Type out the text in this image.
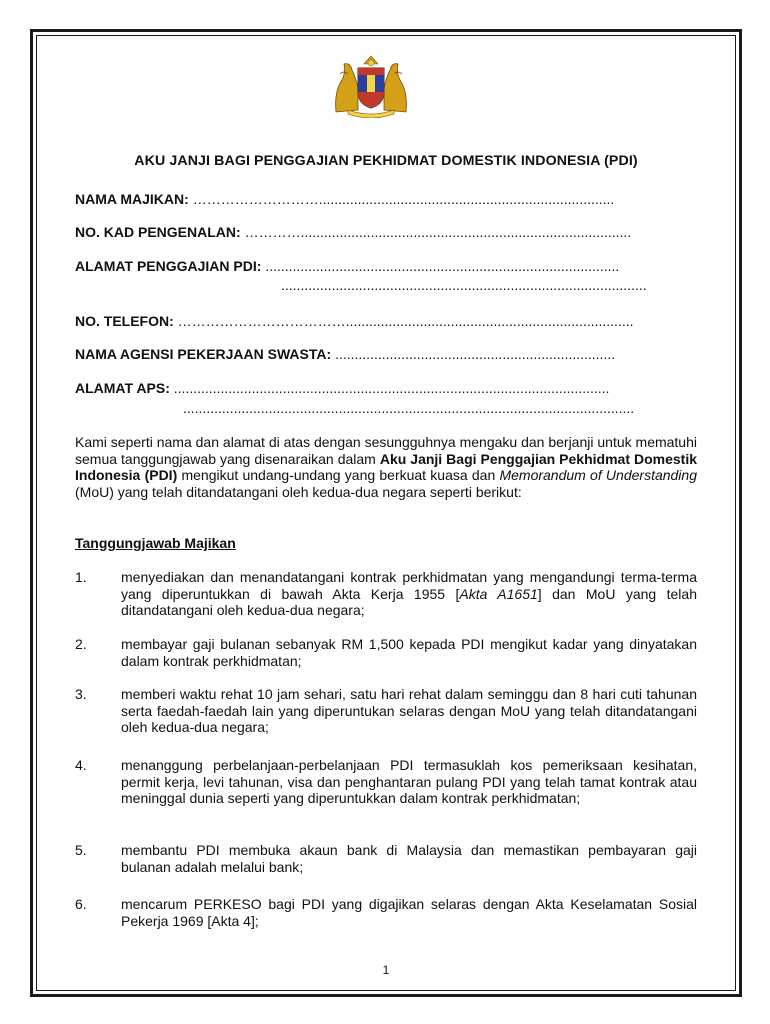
AKU JANJI BAGI PENGGAJIAN PEKHIDMAT DOMESTIK INDONESIA (PDI)
NAMA MAJIKAN: ………………………............................................................................
NO. KAD PENGENALAN: ………….....................................................................................
ALAMAT PENGGAJIAN PDI: ...........................................................................................
..............................................................................................
NO. TELEFON: ………………………………..........................................................................
NAMA AGENSI PEKERJAAN SWASTA: ........................................................................
ALAMAT APS: ................................................................................................................
....................................................................................................................
Kami seperti nama dan alamat di atas dengan sesungguhnya mengaku dan berjanji untuk mematuhi semua tanggungjawab yang disenaraikan dalam Aku Janji Bagi Penggajian Pekhidmat Domestik Indonesia (PDI) mengikut undang-undang yang berkuat kuasa dan Memorandum of Understanding (MoU) yang telah ditandatangani oleh kedua-dua negara seperti berikut:
Tanggungjawab Majikan
1. menyediakan dan menandatangani kontrak perkhidmatan yang mengandungi terma-terma yang diperuntukkan di bawah Akta Kerja 1955 [Akta A1651] dan MoU yang telah ditandatangani oleh kedua-dua negara;
2. membayar gaji bulanan sebanyak RM 1,500 kepada PDI mengikut kadar yang dinyatakan dalam kontrak perkhidmatan;
3. memberi waktu rehat 10 jam sehari, satu hari rehat dalam seminggu dan 8 hari cuti tahunan serta faedah-faedah lain yang diperuntukan selaras dengan MoU yang telah ditandatangani oleh kedua-dua negara;
4. menanggung perbelanjaan-perbelanjaan PDI termasuklah kos pemeriksaan kesihatan, permit kerja, levi tahunan, visa dan penghantaran pulang PDI yang telah tamat kontrak atau meninggal dunia seperti yang diperuntukkan dalam kontrak perkhidmatan;
5. membantu PDI membuka akaun bank di Malaysia dan memastikan pembayaran gaji bulanan adalah melalui bank;
6. mencarum PERKESO bagi PDI yang digajikan selaras dengan Akta Keselamatan Sosial Pekerja 1969 [Akta 4];
1
